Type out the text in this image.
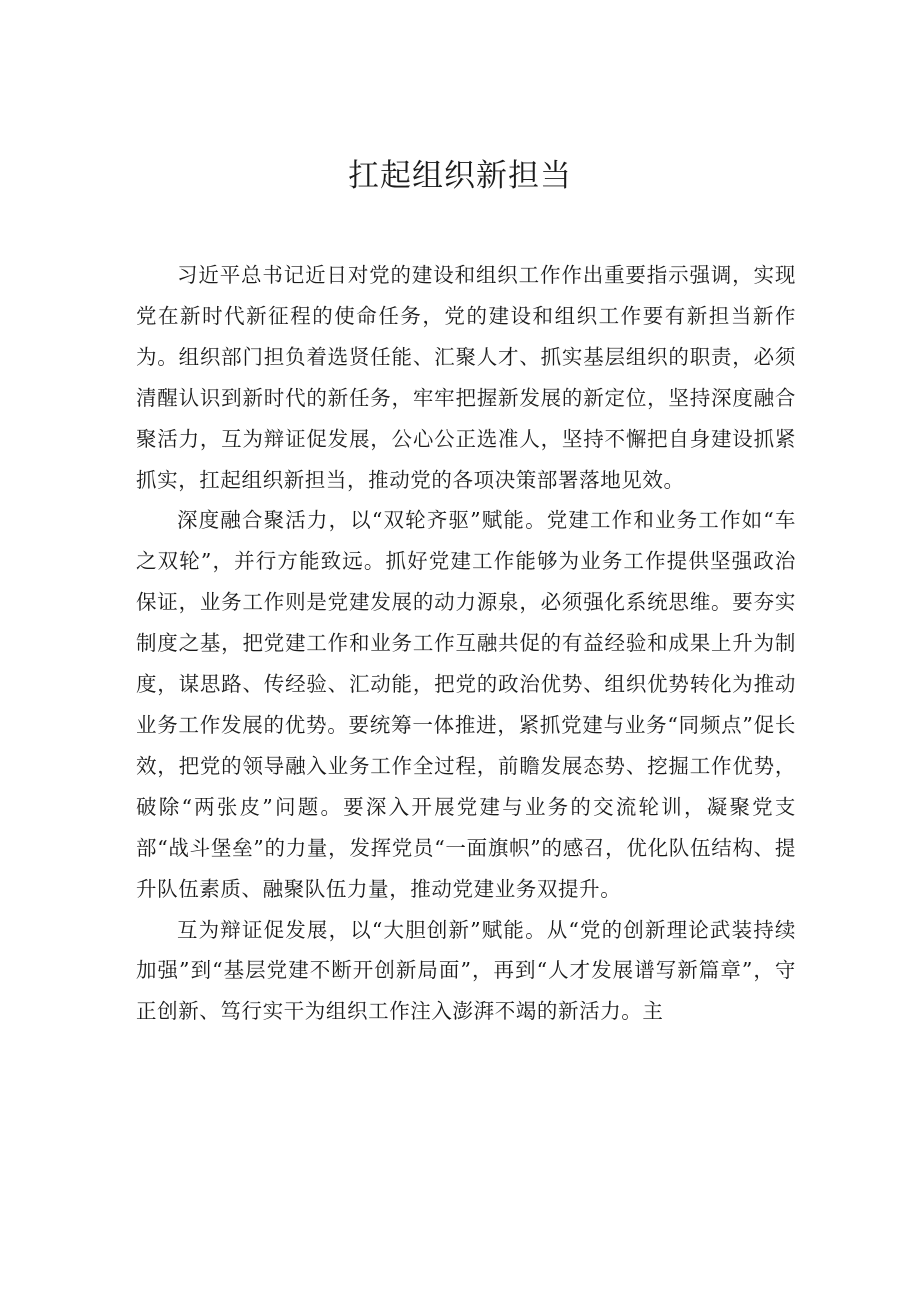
扛起组织新担当

习近平总书记近日对党的建设和组织工作作出重要指示强调，实现党在新时代新征程的使命任务，党的建设和组织工作要有新担当新作为。组织部门担负着选贤任能、汇聚人才、抓实基层组织的职责，必须清醒认识到新时代的新任务，牢牢把握新发展的新定位，坚持深度融合聚活力，互为辩证促发展，公心公正选准人，坚持不懈把自身建设抓紧抓实，扛起组织新担当，推动党的各项决策部署落地见效。

深度融合聚活力，以“双轮齐驱”赋能。党建工作和业务工作如“车之双轮”，并行方能致远。抓好党建工作能够为业务工作提供坚强政治保证，业务工作则是党建发展的动力源泉，必须强化系统思维。要夯实制度之基，把党建工作和业务工作互融共促的有益经验和成果上升为制度，谋思路、传经验、汇动能，把党的政治优势、组织优势转化为推动业务工作发展的优势。要统筹一体推进，紧抓党建与业务“同频点”促长效，把党的领导融入业务工作全过程，前瞻发展态势、挖掘工作优势，破除“两张皮”问题。要深入开展党建与业务的交流轮训，凝聚党支部“战斗堡垒”的力量，发挥党员“一面旗帜”的感召，优化队伍结构、提升队伍素质、融聚队伍力量，推动党建业务双提升。

互为辩证促发展，以“大胆创新”赋能。从“党的创新理论武装持续加强”到“基层党建不断开创新局面”，再到“人才发展谱写新篇章”，守正创新、笃行实干为组织工作注入澎湃不竭的新活力。主
